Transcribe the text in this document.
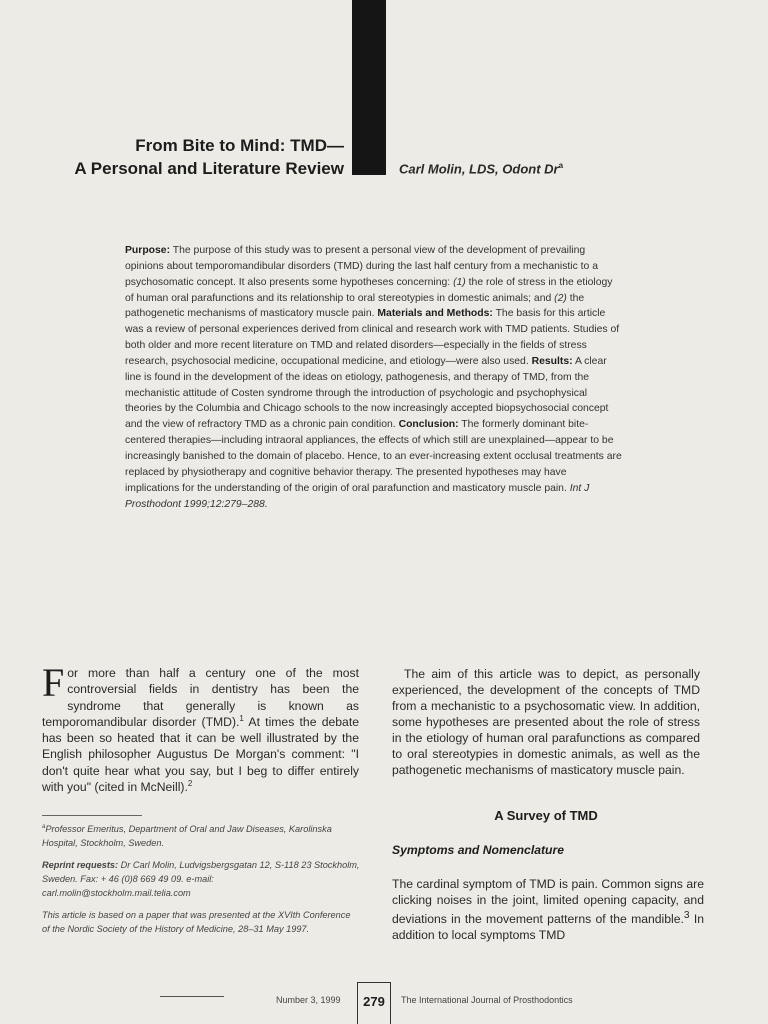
From Bite to Mind: TMD—
A Personal and Literature Review	Carl Molin, LDS, Odont Dr$^a$
Purpose: The purpose of this study was to present a personal view of the development of prevailing opinions about temporomandibular disorders (TMD) during the last half century from a mechanistic to a psychosomatic concept. It also presents some hypotheses concerning: (1) the role of stress in the etiology of human oral parafunctions and its relationship to oral stereotypies in domestic animals; and (2) the pathogenetic mechanisms of masticatory muscle pain. Materials and Methods: The basis for this article was a review of personal experiences derived from clinical and research work with TMD patients. Studies of both older and more recent literature on TMD and related disorders—especially in the fields of stress research, psychosocial medicine, occupational medicine, and etiology—were also used. Results: A clear line is found in the development of the ideas on etiology, pathogenesis, and therapy of TMD, from the mechanistic attitude of Costen syndrome through the introduction of psychologic and psychophysical theories by the Columbia and Chicago schools to the now increasingly accepted biopsychosocial concept and the view of refractory TMD as a chronic pain condition. Conclusion: The formerly dominant bite-centered therapies—including intraoral appliances, the effects of which still are unexplained—appear to be increasingly banished to the domain of placebo. Hence, to an ever-increasing extent occlusal treatments are replaced by physiotherapy and cognitive behavior therapy. The presented hypotheses may have implications for the understanding of the origin of oral parafunction and masticatory muscle pain. Int J Prosthodont 1999;12:279–288.
For more than half a century one of the most controversial fields in dentistry has been the syndrome that generally is known as temporomandibular disorder (TMD).$^1$ At times the debate has been so heated that it can be well illustrated by the English philosopher Augustus De Morgan's comment: "I don't quite hear what you say, but I beg to differ entirely with you" (cited in McNeill).$^2$

$^a$Professor Emeritus, Department of Oral and Jaw Diseases, Karolinska Hospital, Stockholm, Sweden.

Reprint requests: Dr Carl Molin, Ludvigsbergsgatan 12, S-118 23 Stockholm, Sweden. Fax: + 46 (0)8 669 49 09. e-mail: carl.molin@stockholm.mail.telia.com

This article is based on a paper that was presented at the XVIth Conference of the Nordic Society of the History of Medicine, 28–31 May 1997.

The aim of this article was to depict, as personally experienced, the development of the concepts of TMD from a mechanistic to a psychosomatic view. In addition, some hypotheses are presented about the role of stress in the etiology of human oral parafunctions as compared to oral stereotypies in domestic animals, as well as the pathogenetic mechanisms of masticatory muscle pain.

A Survey of TMD
Symptoms and Nomenclature
The cardinal symptom of TMD is pain. Common signs are clicking noises in the joint, limited opening capacity, and deviations in the movement patterns of the mandible.$^3$ In addition to local symptoms TMD
Number 3, 1999 279 The International Journal of Prosthodontics
